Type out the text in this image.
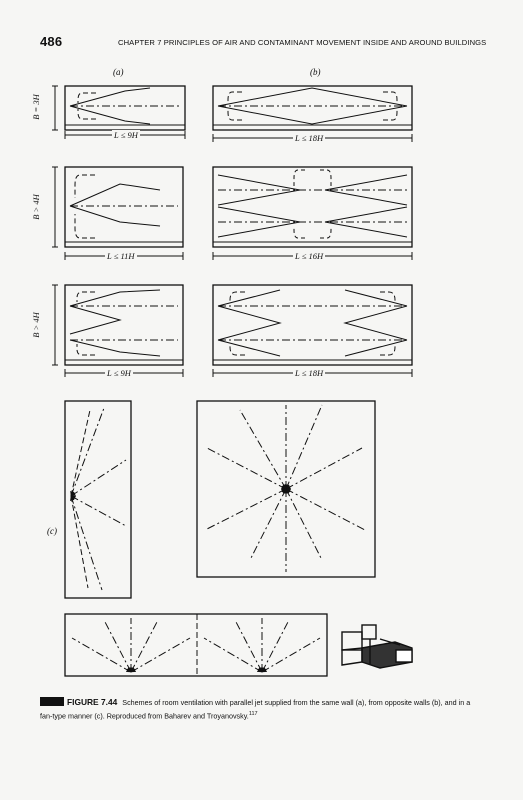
486	CHAPTER 7 PRINCIPLES OF AIR AND CONTAMINANT MOVEMENT INSIDE AND AROUND BUILDINGS
(a)	(b)
(c)
L ≤ 9H	L ≤ 18H
L ≤ 11H	L ≤ 16H
L ≤ 9H	L ≤ 18H
B = 3H
B > 4H
B > 4H
FIGURE 7.44 Schemes of room ventilation with parallel jet supplied from the same wall (a), from opposite walls (b), and in a fan-type manner (c). Reproduced from Baharev and Troyanovsky.$^{117}$
